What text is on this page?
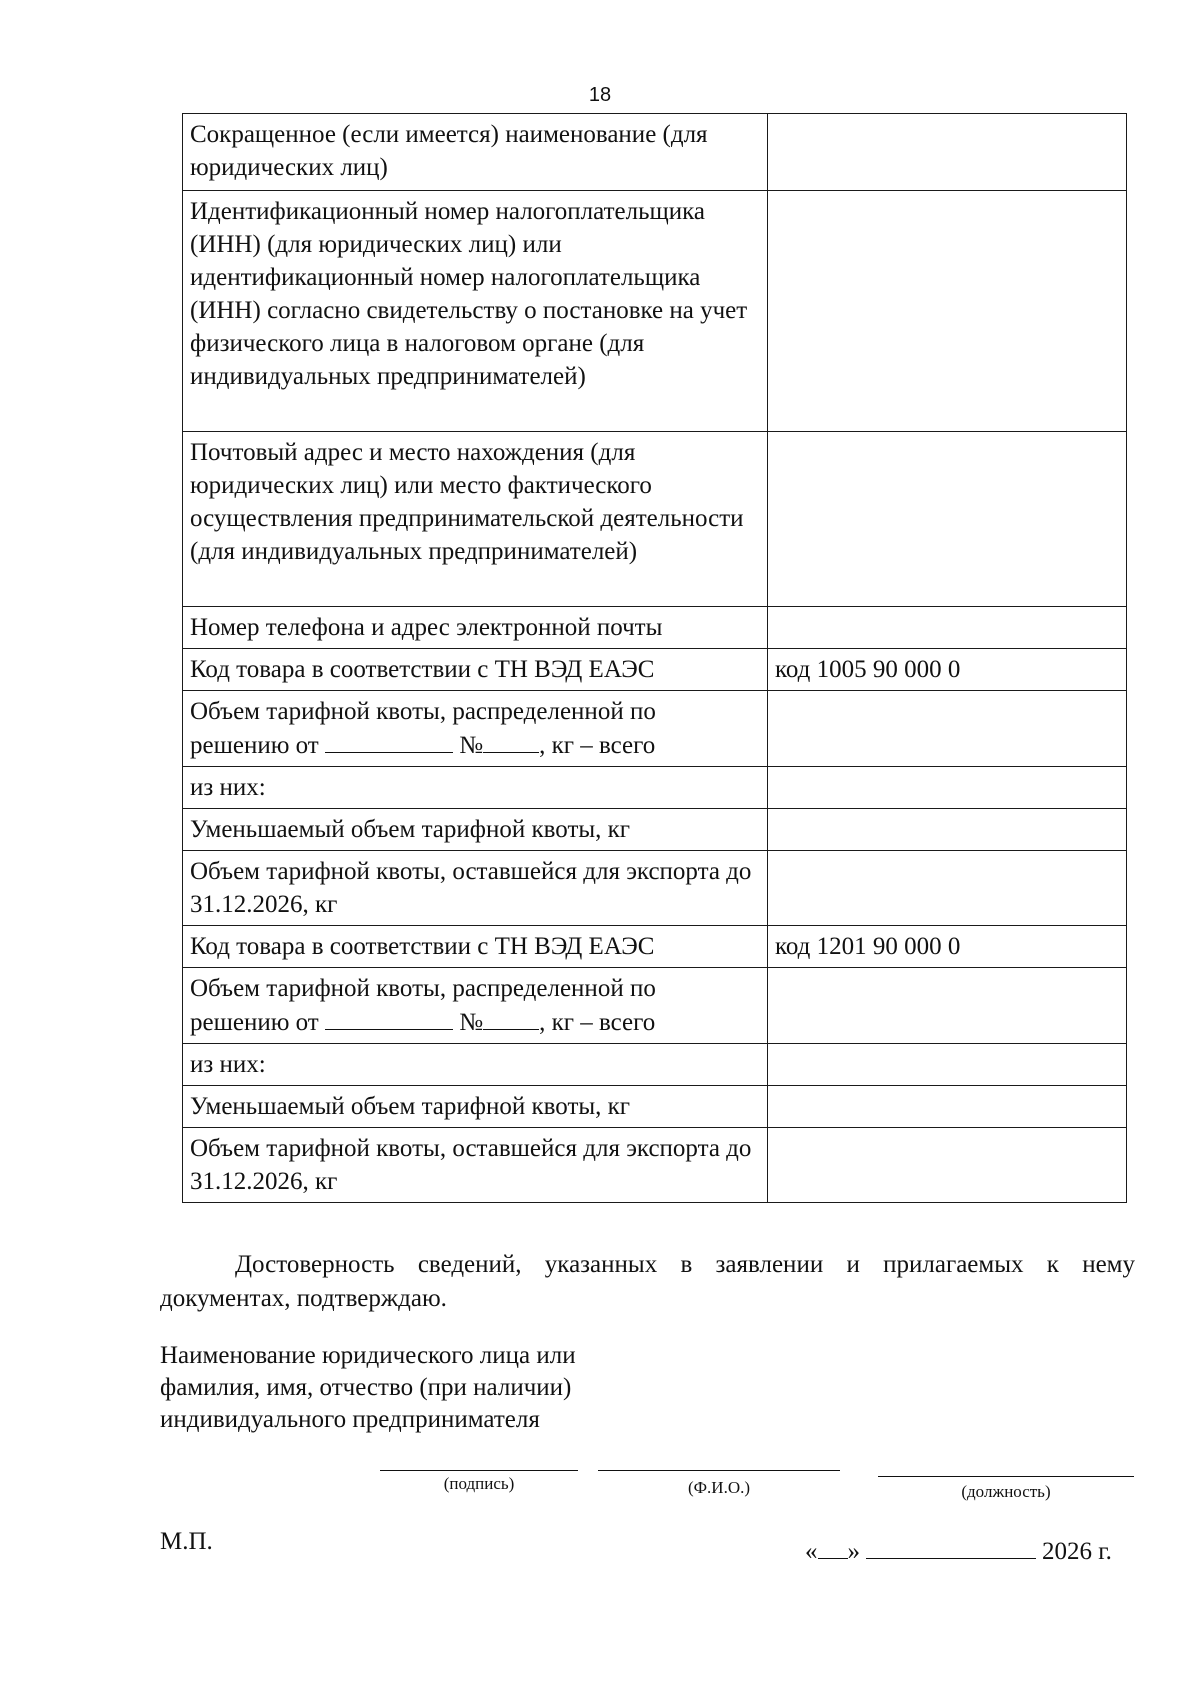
18
Сокращенное (если имеется) наименование (для юридических лиц)	
Идентификационный номер налогоплательщика (ИНН) (для юридических лиц) или идентификационный номер налогоплательщика (ИНН) согласно свидетельству о постановке на учет физического лица в налоговом органе (для индивидуальных предпринимателей)	
Почтовый адрес и место нахождения (для юридических лиц) или место фактического осуществления предпринимательской деятельности (для индивидуальных предпринимателей)	
Номер телефона и адрес электронной почты	
Код товара в соответствии с ТН ВЭД ЕАЭС	код 1005 90 000 0
Объем тарифной квоты, распределенной по решению от № , кг – всего	
из них:	
Уменьшаемый объем тарифной квоты, кг	
Объем тарифной квоты, оставшейся для экспорта до 31.12.2026, кг	
Код товара в соответствии с ТН ВЭД ЕАЭС	код 1201 90 000 0
Объем тарифной квоты, распределенной по решению от № , кг – всего	
из них:	
Уменьшаемый объем тарифной квоты, кг	
Объем тарифной квоты, оставшейся для экспорта до 31.12.2026, кг	
Достоверность сведений, указанных в заявлении и прилагаемых к нему документах, подтверждаю.
Наименование юридического лица или фамилия, имя, отчество (при наличии) индивидуального предпринимателя
(подпись)	(Ф.И.О.)	(должность)
М.П.	« »	2026 г.
